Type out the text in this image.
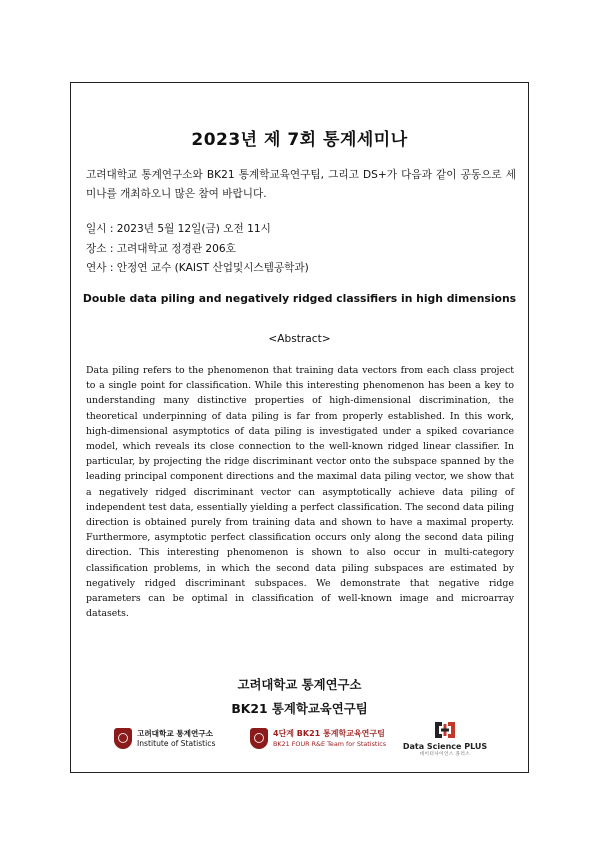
2023년 제 7회 통계세미나
고려대학교 통계연구소와 BK21 통계학교육연구팀, 그리고 DS+가 다음과 같이 공동으로 세미나를 개최하오니 많은 참여 바랍니다.
일시 : 2023년 5월 12일(금) 오전 11시
장소 : 고려대학교 정경관 206호
연사 : 안정연 교수 (KAIST 산업및시스템공학과)
Double data piling and negatively ridged classifiers in high dimensions
<Abstract>
Data piling refers to the phenomenon that training data vectors from each class project to a single point for classification. While this interesting phenomenon has been a key to understanding many distinctive properties of high-dimensional discrimination, the theoretical underpinning of data piling is far from properly established. In this work, high-dimensional asymptotics of data piling is investigated under a spiked covariance model, which reveals its close connection to the well-known ridged linear classifier. In particular, by projecting the ridge discriminant vector onto the subspace spanned by the leading principal component directions and the maximal data piling vector, we show that a negatively ridged discriminant vector can asymptotically achieve data piling of independent test data, essentially yielding a perfect classification. The second data piling direction is obtained purely from training data and shown to have a maximal property. Furthermore, asymptotic perfect classification occurs only along the second data piling direction. This interesting phenomenon is shown to also occur in multi-category classification problems, in which the second data piling subspaces are estimated by negatively ridged discriminant subspaces. We demonstrate that negative ridge parameters can be optimal in classification of well-known image and microarray datasets.
고려대학교 통계연구소
BK21 통계학교육연구팀
고려대학교 통계연구소
Institute of Statistics
4단계 BK21 통계학교육연구팀
BK21 FOUR R&E Team for Statistics Data Science PLUS
데이터사이언스 플러스
